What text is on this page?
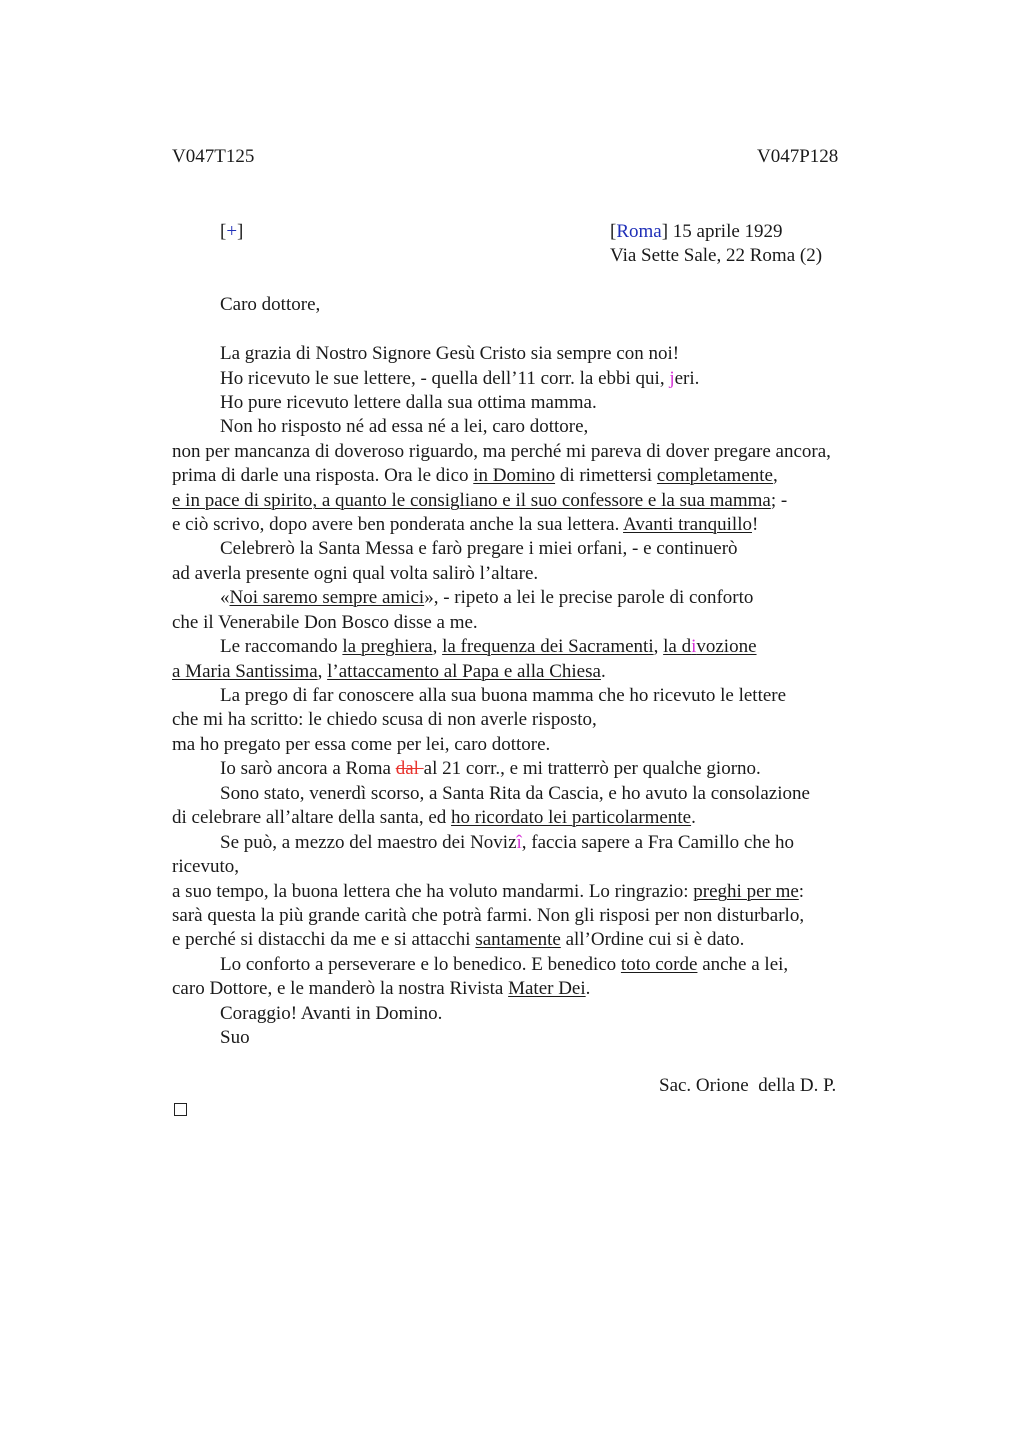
V047T125	V047P128
[+]	[Roma] 15 aprile 1929
Via Sette Sale, 22 Roma (2)
Caro dottore,
La grazia di Nostro Signore Gesù Cristo sia sempre con noi!
Ho ricevuto le sue lettere, - quella dell’11 corr. la ebbi qui, jeri.
Ho pure ricevuto lettere dalla sua ottima mamma.
Non ho risposto né ad essa né a lei, caro dottore,
non per mancanza di doveroso riguardo, ma perché mi pareva di dover pregare ancora,
prima di darle una risposta. Ora le dico in Domino di rimettersi completamente,
e in pace di spirito, a quanto le consigliano e il suo confessore e la sua mamma; -
e ciò scrivo, dopo avere ben ponderata anche la sua lettera. Avanti tranquillo!
Celebrerò la Santa Messa e farò pregare i miei orfani, - e continuerò
ad averla presente ogni qual volta salirò l’altare.
«Noi saremo sempre amici», - ripeto a lei le precise parole di conforto
che il Venerabile Don Bosco disse a me.
Le raccomando la preghiera, la frequenza dei Sacramenti, la divozione
a Maria Santissima, l’attaccamento al Papa e alla Chiesa.
La prego di far conoscere alla sua buona mamma che ho ricevuto le lettere
che mi ha scritto: le chiedo scusa di non averle risposto,
ma ho pregato per essa come per lei, caro dottore.
Io sarò ancora a Roma dal al 21 corr., e mi tratterrò per qualche giorno.
Sono stato, venerdì scorso, a Santa Rita da Cascia, e ho avuto la consolazione
di celebrare all’altare della santa, ed ho ricordato lei particolarmente.
Se può, a mezzo del maestro dei Novizî, faccia sapere a Fra Camillo che ho
ricevuto,
a suo tempo, la buona lettera che ha voluto mandarmi. Lo ringrazio: preghi per me:
sarà questa la più grande carità che potrà farmi. Non gli risposi per non disturbarlo,
e perché si distacchi da me e si attacchi santamente all’Ordine cui si è dato.
Lo conforto a perseverare e lo benedico. E benedico toto corde anche a lei,
caro Dottore, e le manderò la nostra Rivista Mater Dei.
Coraggio! Avanti in Domino.
Suo
Sac. Orione  della D. P.
